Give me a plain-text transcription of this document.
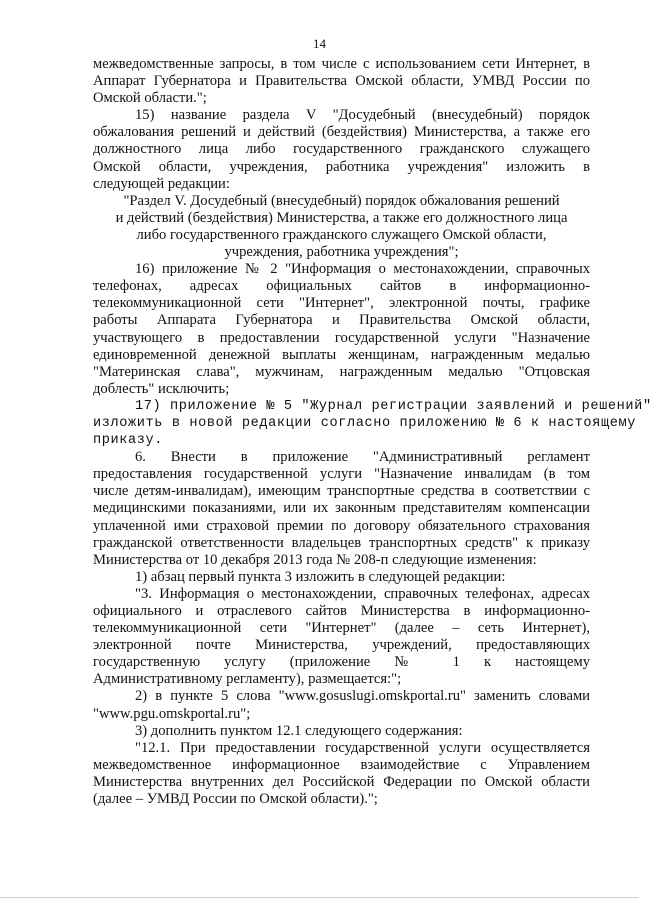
14
межведомственные запросы, в том числе с использованием сети Интернет, в
Аппарат Губернатора и Правительства Омской области, УМВД России по
Омской области.";
15) название раздела V "Досудебный (внесудебный) порядок
обжалования решений и действий (бездействия) Министерства, а также его
должностного лица либо государственного гражданского служащего
Омской области, учреждения, работника учреждения" изложить в
следующей редакции:
"Раздел V. Досудебный (внесудебный) порядок обжалования решений
и действий (бездействия) Министерства, а также его должностного лица
либо государственного гражданского служащего Омской области,
учреждения, работника учреждения";
16) приложение № 2 "Информация о местонахождении, справочных
телефонах, адресах официальных сайтов в информационно-
телекоммуникационной сети "Интернет", электронной почты, графике
работы Аппарата Губернатора и Правительства Омской области,
участвующего в предоставлении государственной услуги "Назначение
единовременной денежной выплаты женщинам, награжденным медалью
"Материнская слава", мужчинам, награжденным медалью "Отцовская
доблесть" исключить;
17) приложение № 5 "Журнал регистрации заявлений и решений"
изложить в новой редакции согласно приложению № 6 к настоящему
приказу.
6. Внести в приложение "Административный регламент
предоставления государственной услуги "Назначение инвалидам (в том
числе детям-инвалидам), имеющим транспортные средства в соответствии с
медицинскими показаниями, или их законным представителям компенсации
уплаченной ими страховой премии по договору обязательного страхования
гражданской ответственности владельцев транспортных средств" к приказу
Министерства от 10 декабря 2013 года № 208-п следующие изменения:
1) абзац первый пункта 3 изложить в следующей редакции:
"3. Информация о местонахождении, справочных телефонах, адресах
официального и отраслевого сайтов Министерства в информационно-
телекоммуникационной сети "Интернет" (далее – сеть Интернет),
электронной почте Министерства, учреждений, предоставляющих
государственную услугу (приложение № 1 к настоящему
Административному регламенту), размещается:";
2) в пункте 5 слова "www.gosuslugi.omskportal.ru" заменить словами
"www.pgu.omskportal.ru";
3) дополнить пунктом 12.1 следующего содержания:
"12.1. При предоставлении государственной услуги осуществляется
межведомственное информационное взаимодействие с Управлением
Министерства внутренних дел Российской Федерации по Омской области
(далее – УМВД России по Омской области).";
